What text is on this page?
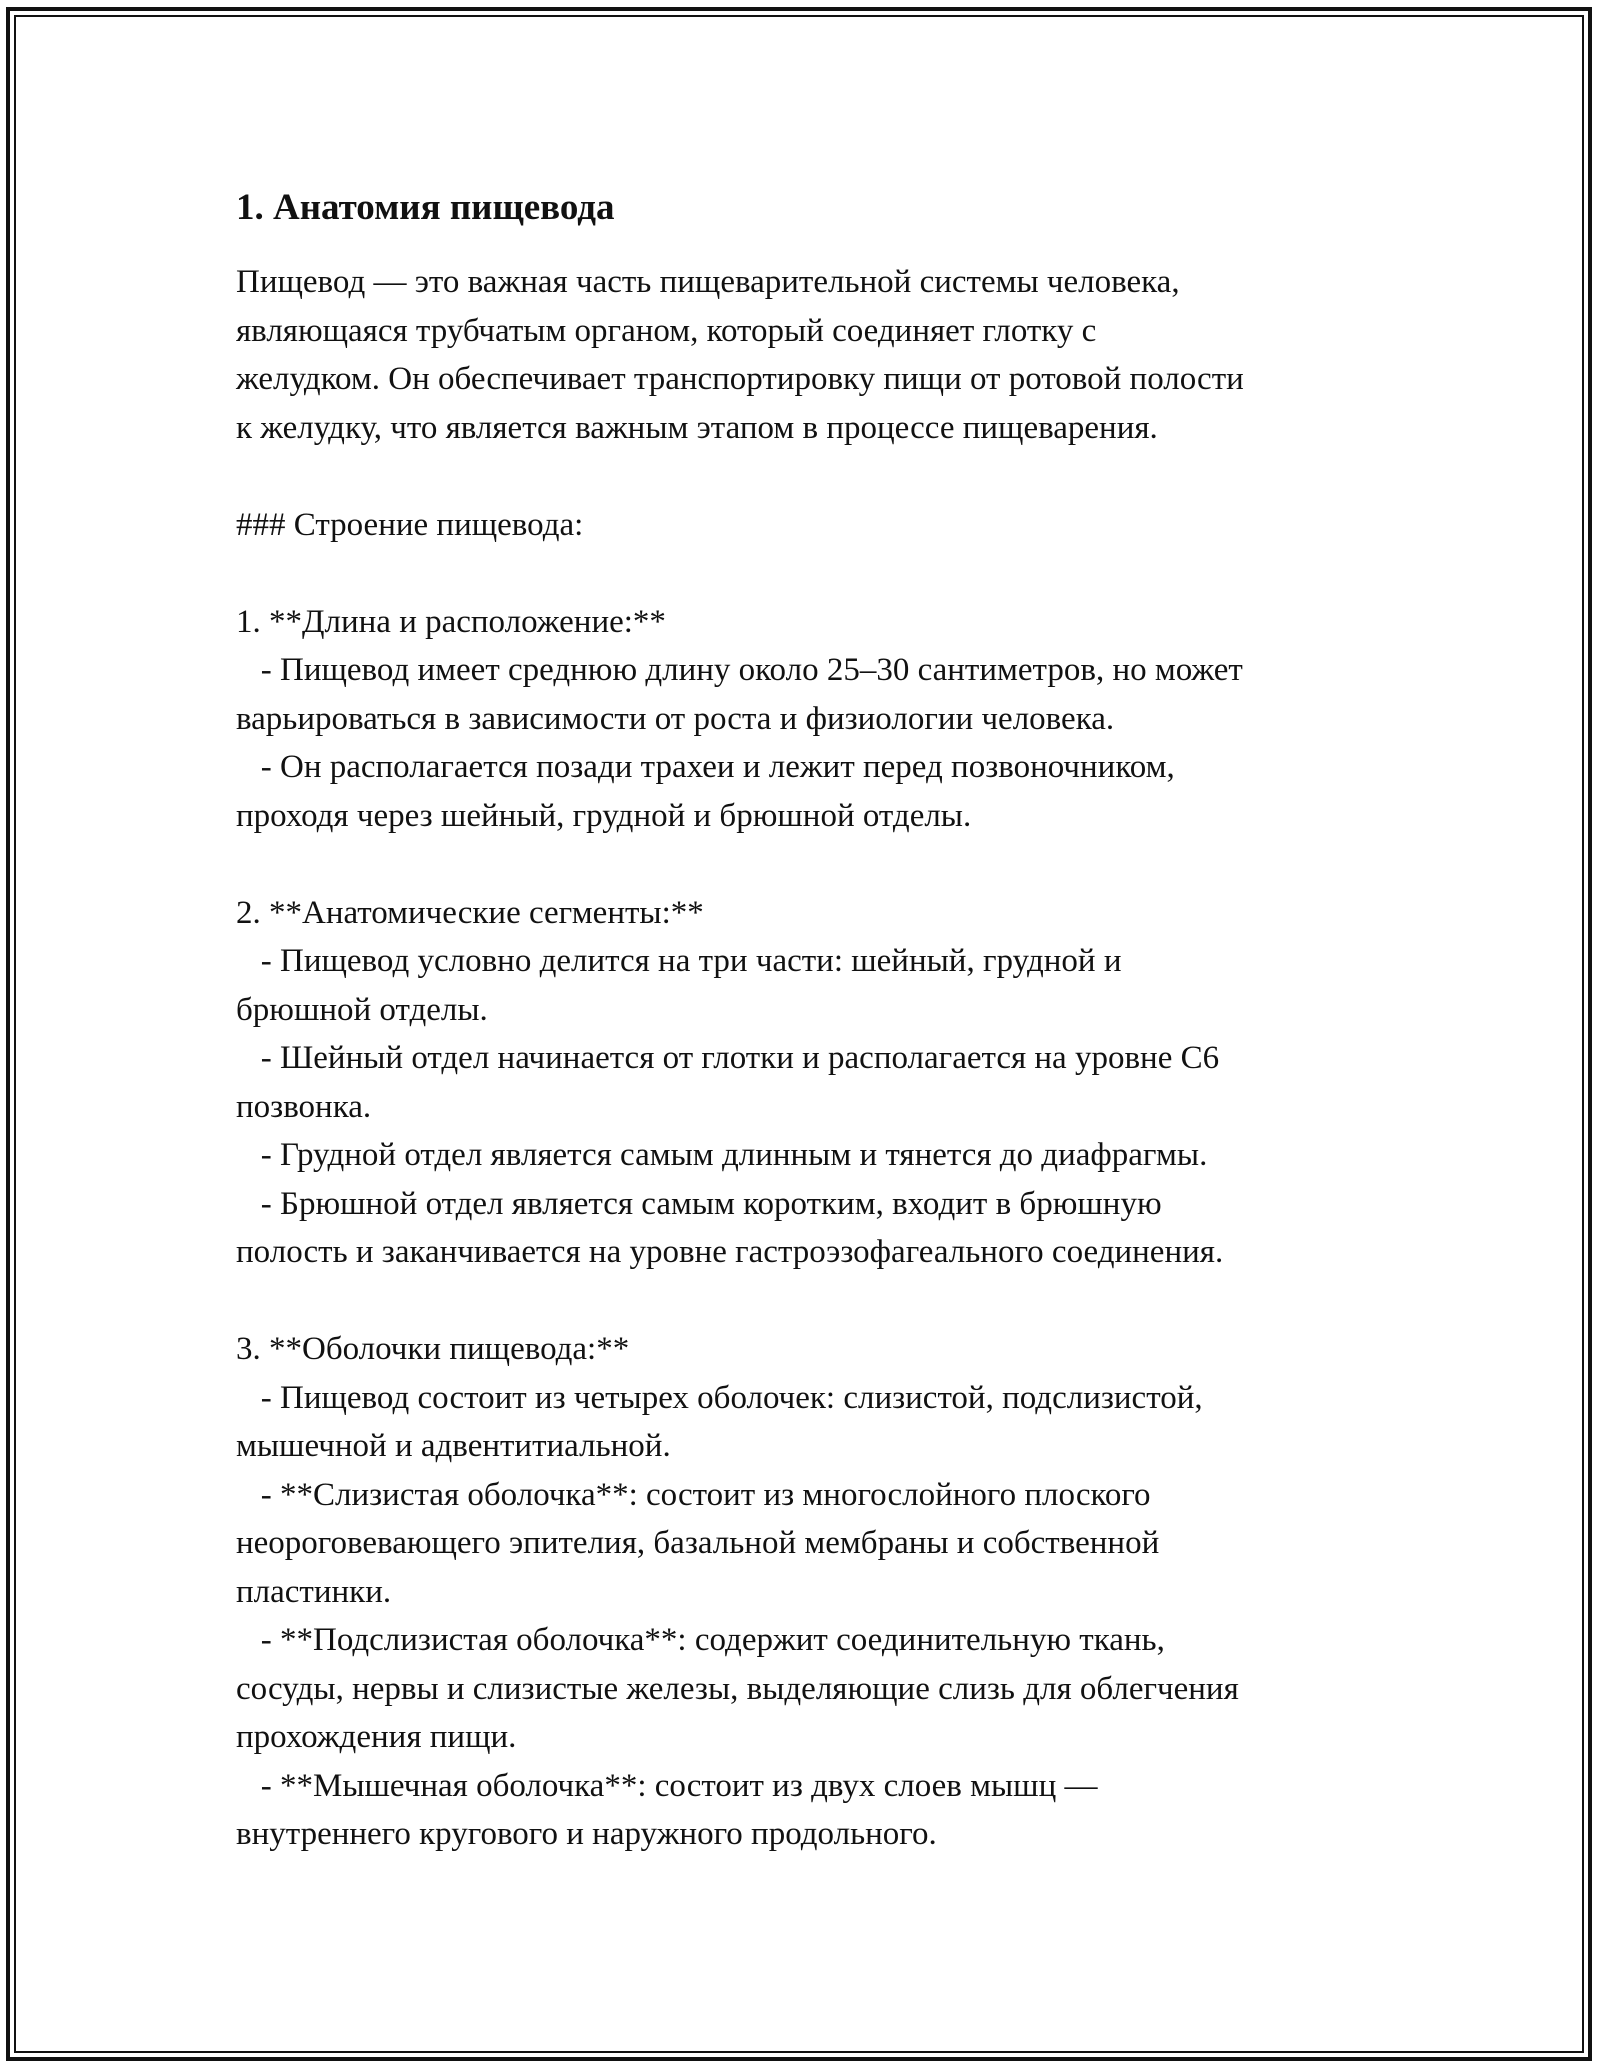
1. Анатомия пищевода

Пищевод — это важная часть пищеварительной системы человека,

являющаяся трубчатым органом, который соединяет глотку с

желудком. Он обеспечивает транспортировку пищи от ротовой полости

к желудку, что является важным этапом в процессе пищеварения.

### Строение пищевода:

1. **Длина и расположение:**

- Пищевод имеет среднюю длину около 25–30 сантиметров, но может

варьироваться в зависимости от роста и физиологии человека.

- Он располагается позади трахеи и лежит перед позвоночником,

проходя через шейный, грудной и брюшной отделы.

2. **Анатомические сегменты:**

- Пищевод условно делится на три части: шейный, грудной и

брюшной отделы.

- Шейный отдел начинается от глотки и располагается на уровне C6

позвонка.

- Грудной отдел является самым длинным и тянется до диафрагмы.

- Брюшной отдел является самым коротким, входит в брюшную

полость и заканчивается на уровне гастроэзофагеального соединения.

3. **Оболочки пищевода:**

- Пищевод состоит из четырех оболочек: слизистой, подслизистой,

мышечной и адвентитиальной.

- **Слизистая оболочка**: состоит из многослойного плоского

неороговевающего эпителия, базальной мембраны и собственной

пластинки.

- **Подслизистая оболочка**: содержит соединительную ткань,

сосуды, нервы и слизистые железы, выделяющие слизь для облегчения

прохождения пищи.

- **Мышечная оболочка**: состоит из двух слоев мышц —

внутреннего кругового и наружного продольного.
